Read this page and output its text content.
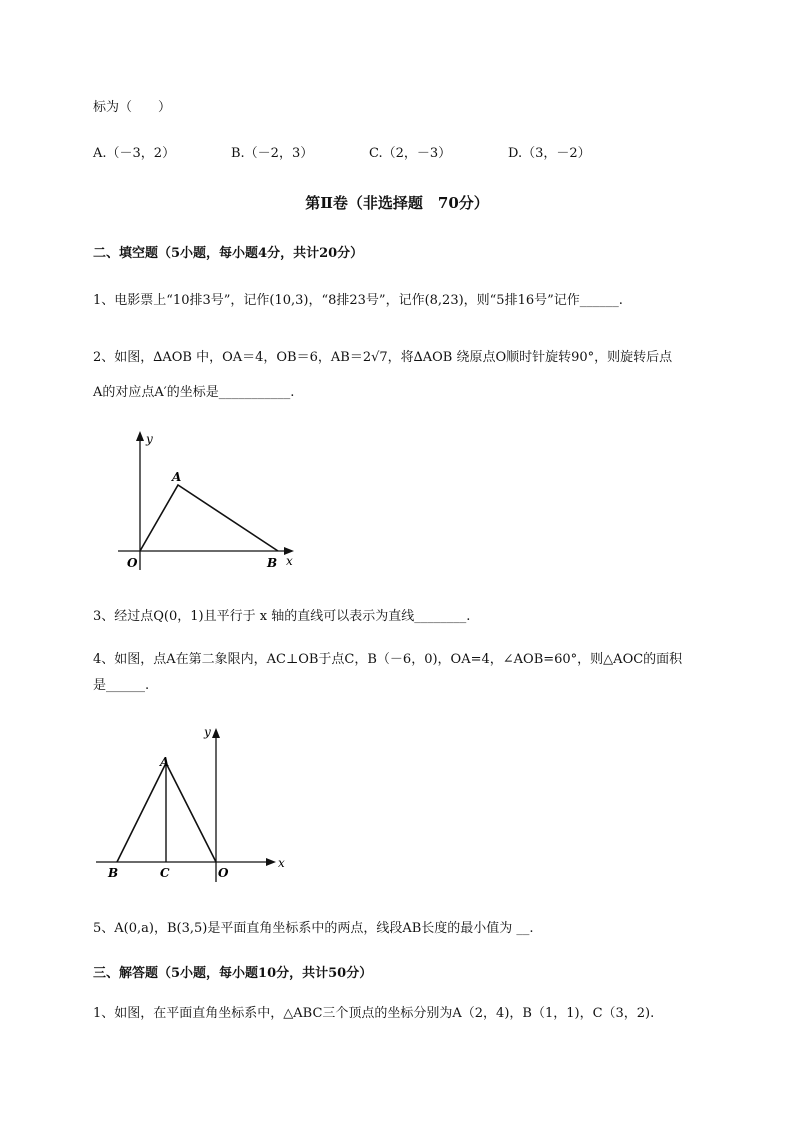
标为（　　）
A.（－3，2）	B.（－2，3）	C.（2，－3）	D.（3，－2）
第Ⅱ卷（非选择题　70分）
二、填空题（5小题，每小题4分，共计20分）
1、电影票上“10排3号”，记作(10,3)，“8排23号”，记作(8,23)，则“5排16号”记作______.
2、如图，∆AOB 中，OA＝4，OB＝6，AB＝2√7，将∆AOB 绕原点O顺时针旋转90°，则旋转后点
A的对应点A′的坐标是___________.
y
x
O
A
B
3、经过点Q(0，1)且平行于 x 轴的直线可以表示为直线________.
4、如图，点A在第二象限内，AC⊥OB于点C，B（－6，0)，OA=4，∠AOB=60°，则△AOC的面积
是______.
y
x
A
B	C	O
5、A(0,a)，B(3,5)是平面直角坐标系中的两点，线段AB长度的最小值为 __.
三、解答题（5小题，每小题10分，共计50分）
1、如图，在平面直角坐标系中，△ABC三个顶点的坐标分别为A（2，4)，B（1，1)，C（3，2).
